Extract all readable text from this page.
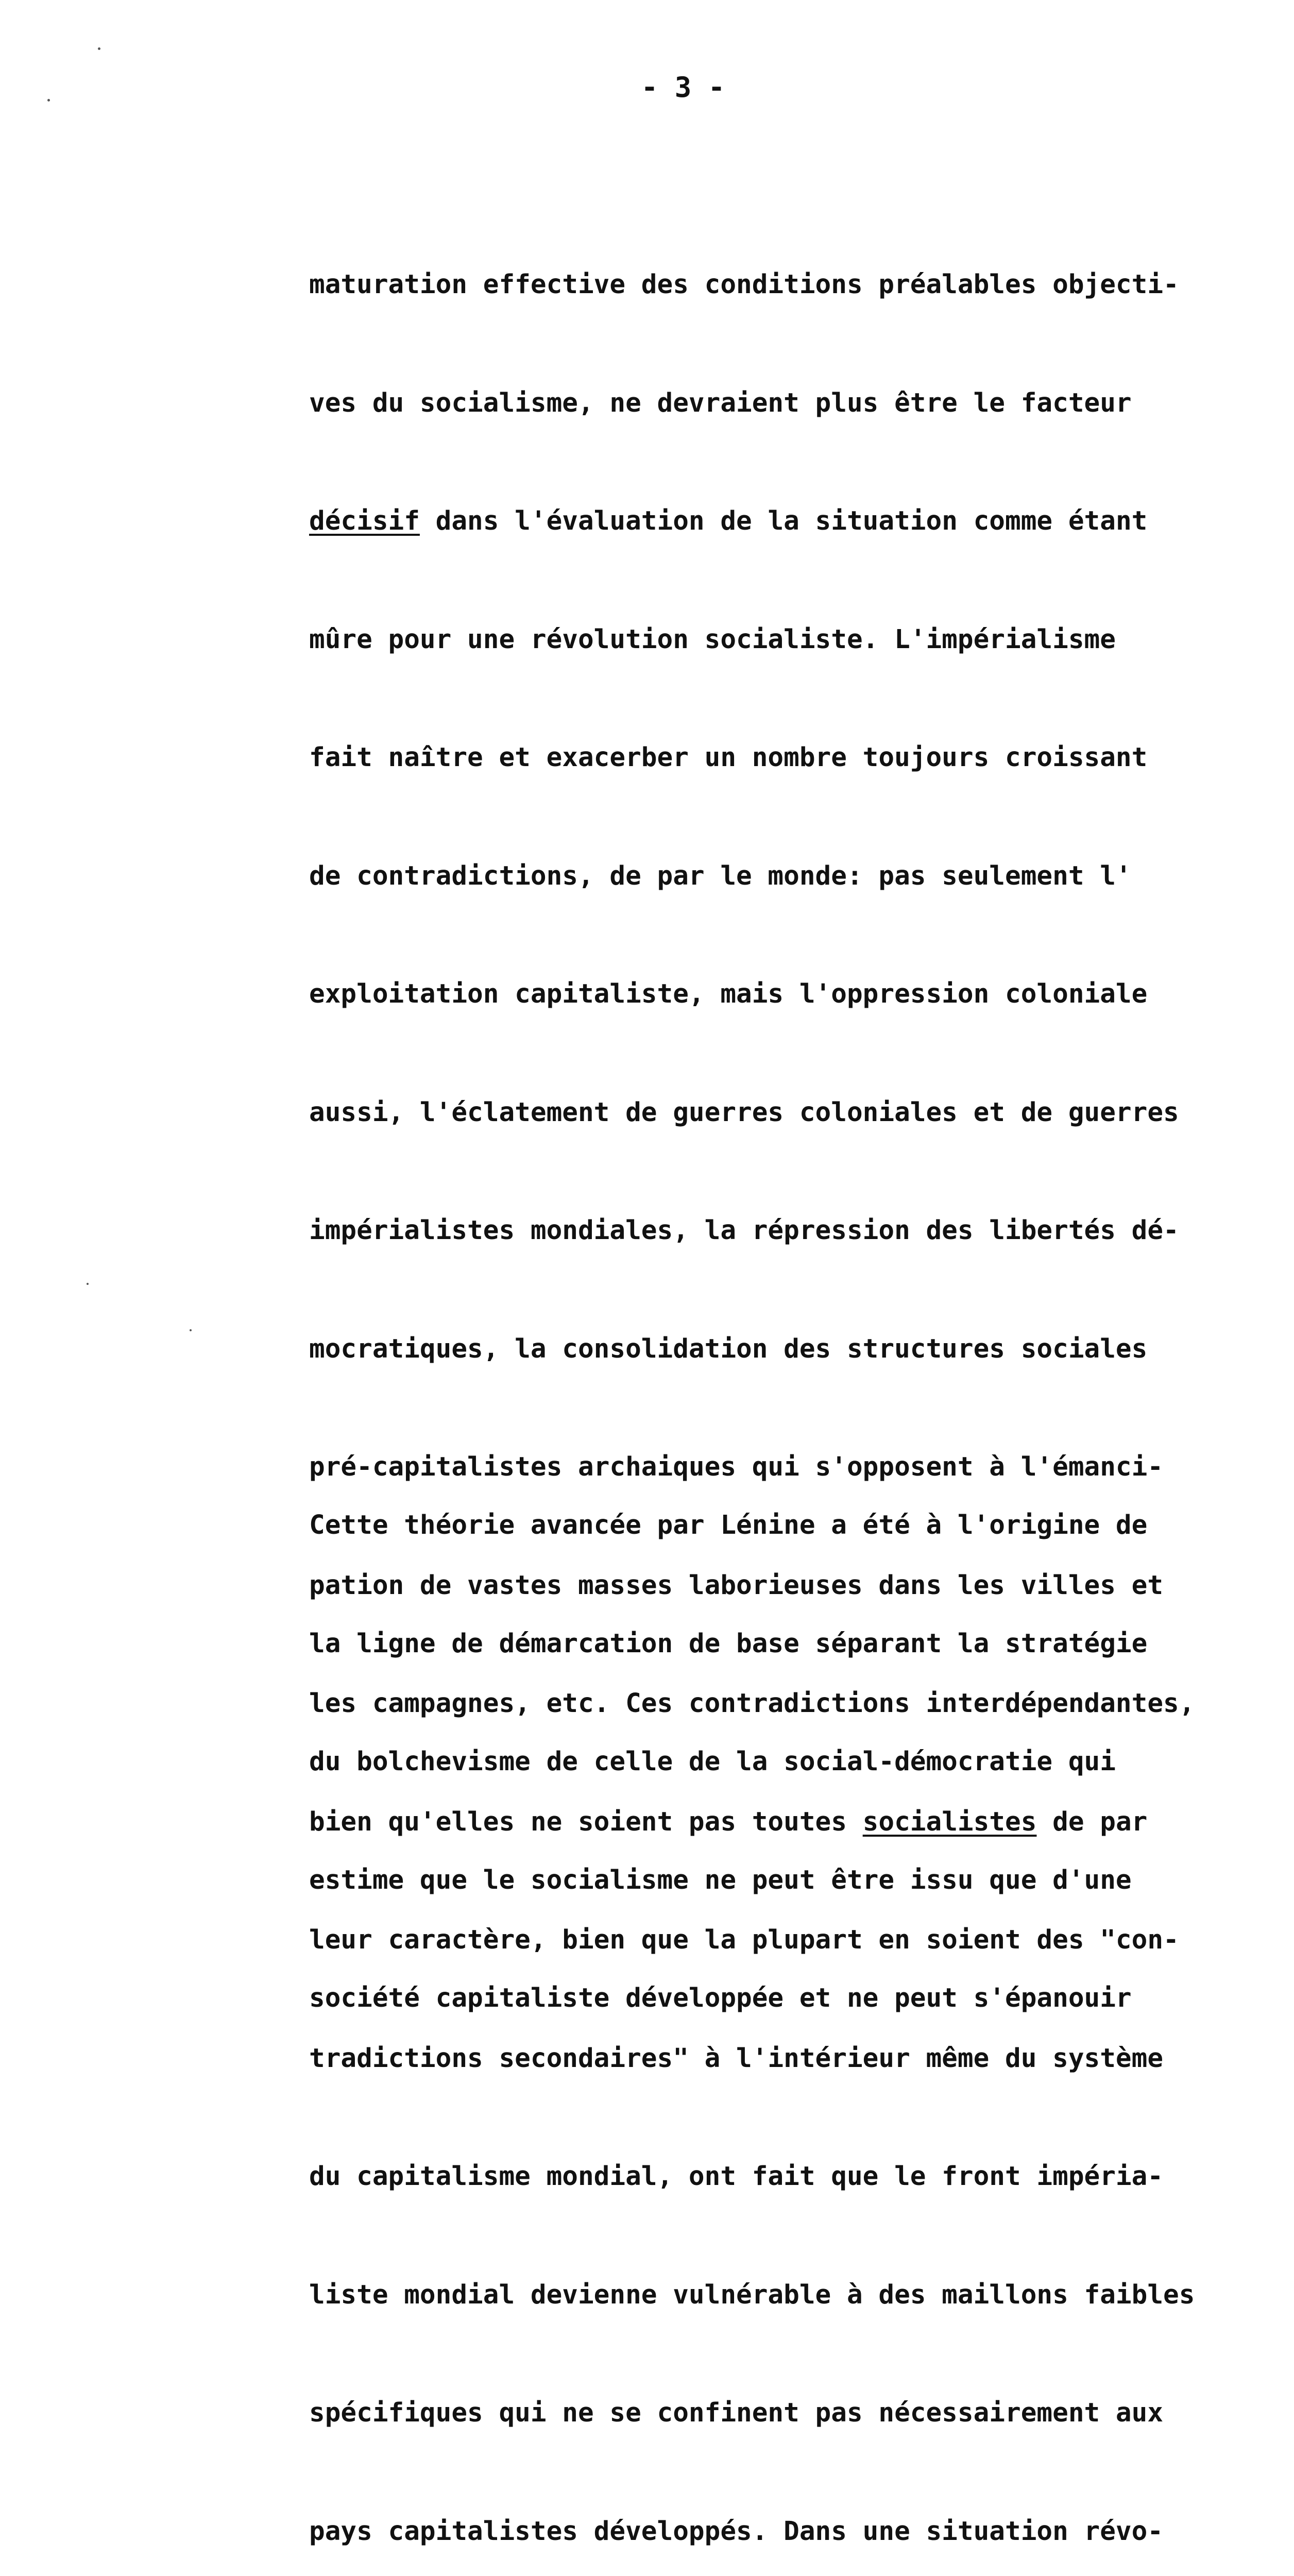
- 3 -

maturation effective des conditions préalables objecti-

ves du socialisme, ne devraient plus être le facteur

décisif dans l'évaluation de la situation comme étant

mûre pour une révolution socialiste. L'impérialisme

fait naître et exacerber un nombre toujours croissant

de contradictions, de par le monde: pas seulement l'

exploitation capitaliste, mais l'oppression coloniale

aussi, l'éclatement de guerres coloniales et de guerres

impérialistes mondiales, la répression des libertés dé-

mocratiques, la consolidation des structures sociales

pré-capitalistes archaiques qui s'opposent à l'émanci-

pation de vastes masses laborieuses dans les villes et

les campagnes, etc. Ces contradictions interdépendantes,

bien qu'elles ne soient pas toutes socialistes de par

leur caractère, bien que la plupart en soient des "con-

tradictions secondaires" à l'intérieur même du système

du capitalisme mondial, ont fait que le front impéria-

liste mondial devienne vulnérable à des maillons faibles

spécifiques qui ne se confinent pas nécessairement aux

pays capitalistes développés. Dans une situation révo-

Cette théorie avancée par Lénine a été à l'origine de

la ligne de démarcation de base séparant la stratégie

du bolchevisme de celle de la social-démocratie qui

estime que le socialisme ne peut être issu que d'une

société capitaliste développée et ne peut s'épanouir
